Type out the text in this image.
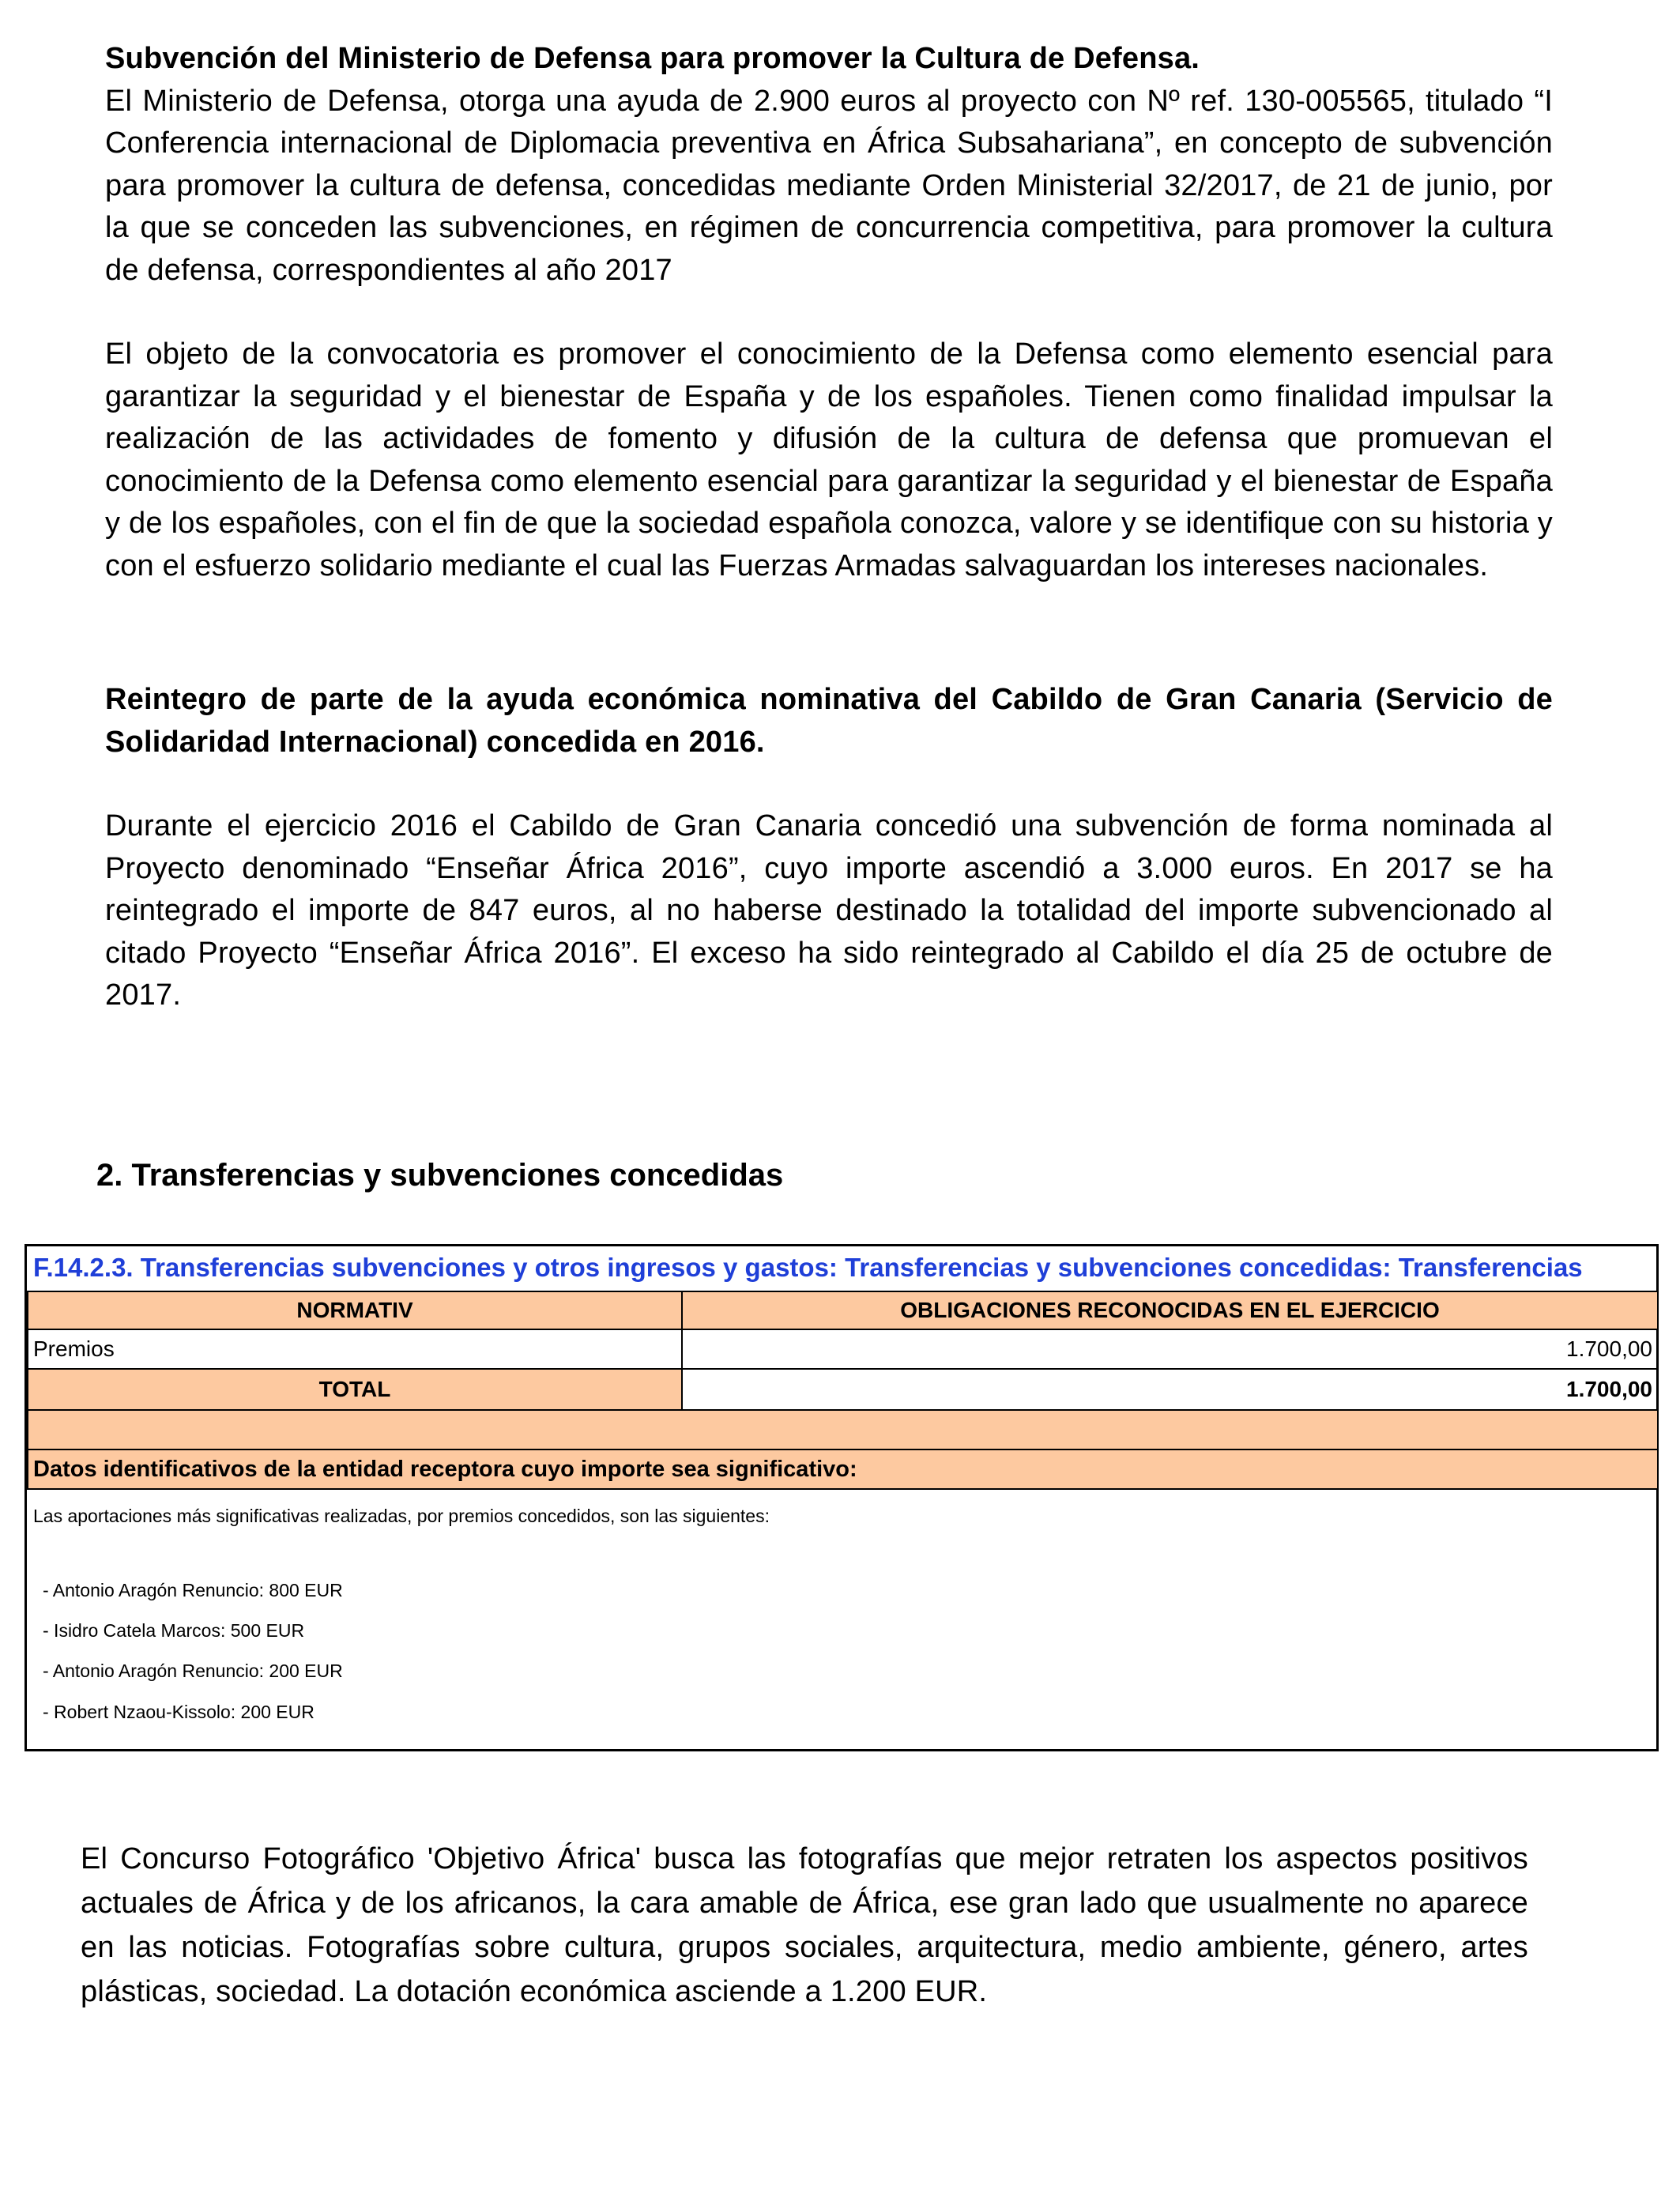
Subvención del Ministerio de Defensa para promover la Cultura de Defensa.

El Ministerio de Defensa, otorga una ayuda de 2.900 euros al proyecto con Nº ref. 130-005565, titulado “I Conferencia internacional de Diplomacia preventiva en África Subsahariana”, en concepto de subvención para promover la cultura de defensa, concedidas mediante Orden Ministerial 32/2017, de 21 de junio, por la que se conceden las subvenciones, en régimen de concurrencia competitiva, para promover la cultura de defensa, correspondientes al año 2017

El objeto de la convocatoria es promover el conocimiento de la Defensa como elemento esencial para garantizar la seguridad y el bienestar de España y de los españoles. Tienen como finalidad impulsar la realización de las actividades de fomento y difusión de la cultura de defensa que promuevan el conocimiento de la Defensa como elemento esencial para garantizar la seguridad y el bienestar de España y de los españoles, con el fin de que la sociedad española conozca, valore y se identifique con su historia y con el esfuerzo solidario mediante el cual las Fuerzas Armadas salvaguardan los intereses nacionales.

Reintegro de parte de la ayuda económica nominativa del Cabildo de Gran Canaria (Servicio de Solidaridad Internacional) concedida en 2016.

Durante el ejercicio 2016 el Cabildo de Gran Canaria concedió una subvención de forma nominada al Proyecto denominado “Enseñar África 2016”, cuyo importe ascendió a 3.000 euros. En 2017 se ha reintegrado el importe de 847 euros, al no haberse destinado la totalidad del importe subvencionado al citado Proyecto “Enseñar África 2016”. El exceso ha sido reintegrado al Cabildo el día 25 de octubre de 2017.

2. Transferencias y subvenciones concedidas
F.14.2.3. Transferencias subvenciones y otros ingresos y gastos: Transferencias y subvenciones concedidas: Transferencias
NORMATIV	OBLIGACIONES RECONOCIDAS EN EL EJERCICIO
Premios	1.700,00
TOTAL	1.700,00
Datos identificativos de la entidad receptora cuyo importe sea significativo:
Las aportaciones más significativas realizadas, por premios concedidos, son las siguientes:
- Antonio Aragón Renuncio: 800 EUR
- Isidro Catela Marcos: 500 EUR
- Antonio Aragón Renuncio: 200 EUR
- Robert Nzaou-Kissolo: 200 EUR

El Concurso Fotográfico 'Objetivo África' busca las fotografías que mejor retraten los aspectos positivos actuales de África y de los africanos, la cara amable de África, ese gran lado que usualmente no aparece en las noticias. Fotografías sobre cultura, grupos sociales, arquitectura, medio ambiente, género, artes plásticas, sociedad. La dotación económica asciende a 1.200 EUR.
